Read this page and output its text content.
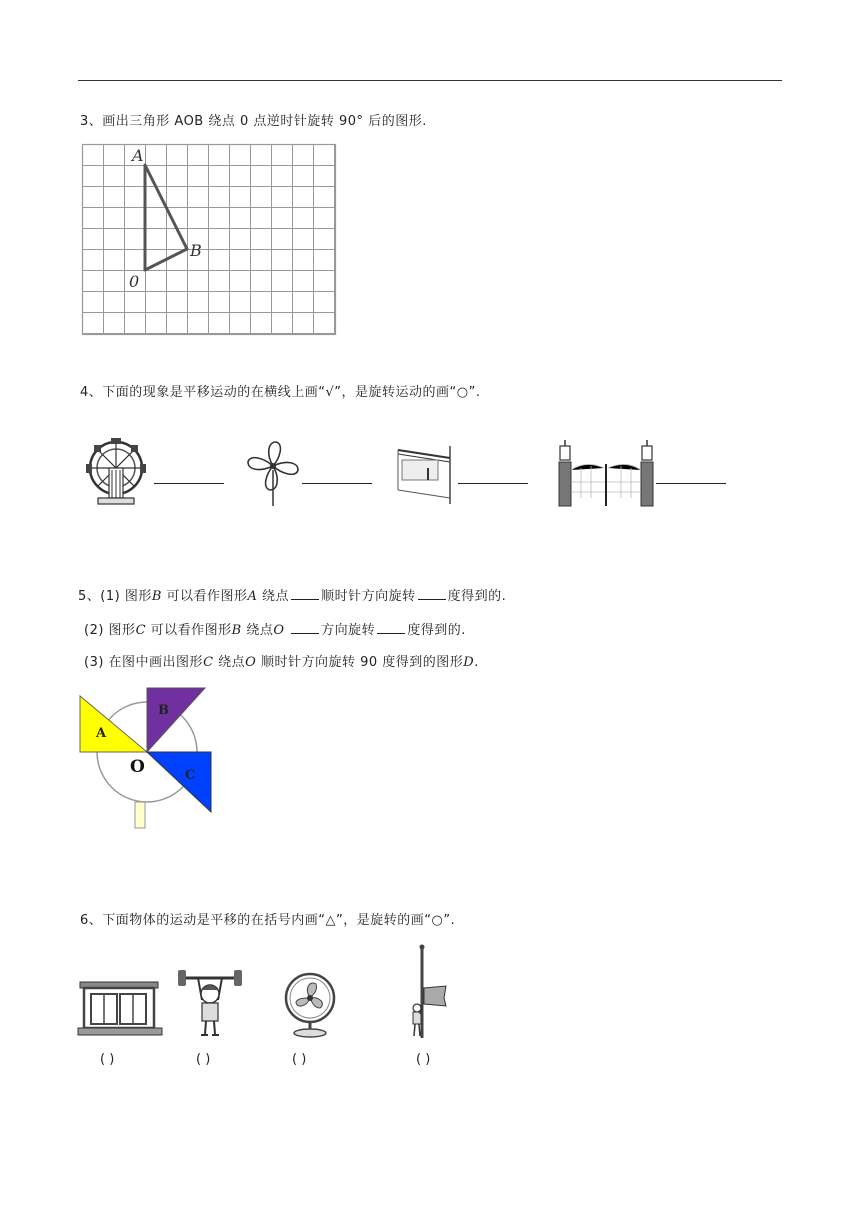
3、画出三角形 AOB 绕点 0 点逆时针旋转 90° 后的图形.
A
B
0
4、下面的现象是平移运动的在横线上画“√”，是旋转运动的画“○”.
5、(1) 图形B 可以看作图形A 绕点 顺时针方向旋转 度得到的.
(2) 图形C 可以看作图形B 绕点O	方向旋转 度得到的.
(3) 在图中画出图形C 绕点O 顺时针方向旋转 90 度得到的图形D.
A
B
C
O
6、下面物体的运动是平移的在括号内画“△”，是旋转的画“○”.
( )	( )	( )	( )
